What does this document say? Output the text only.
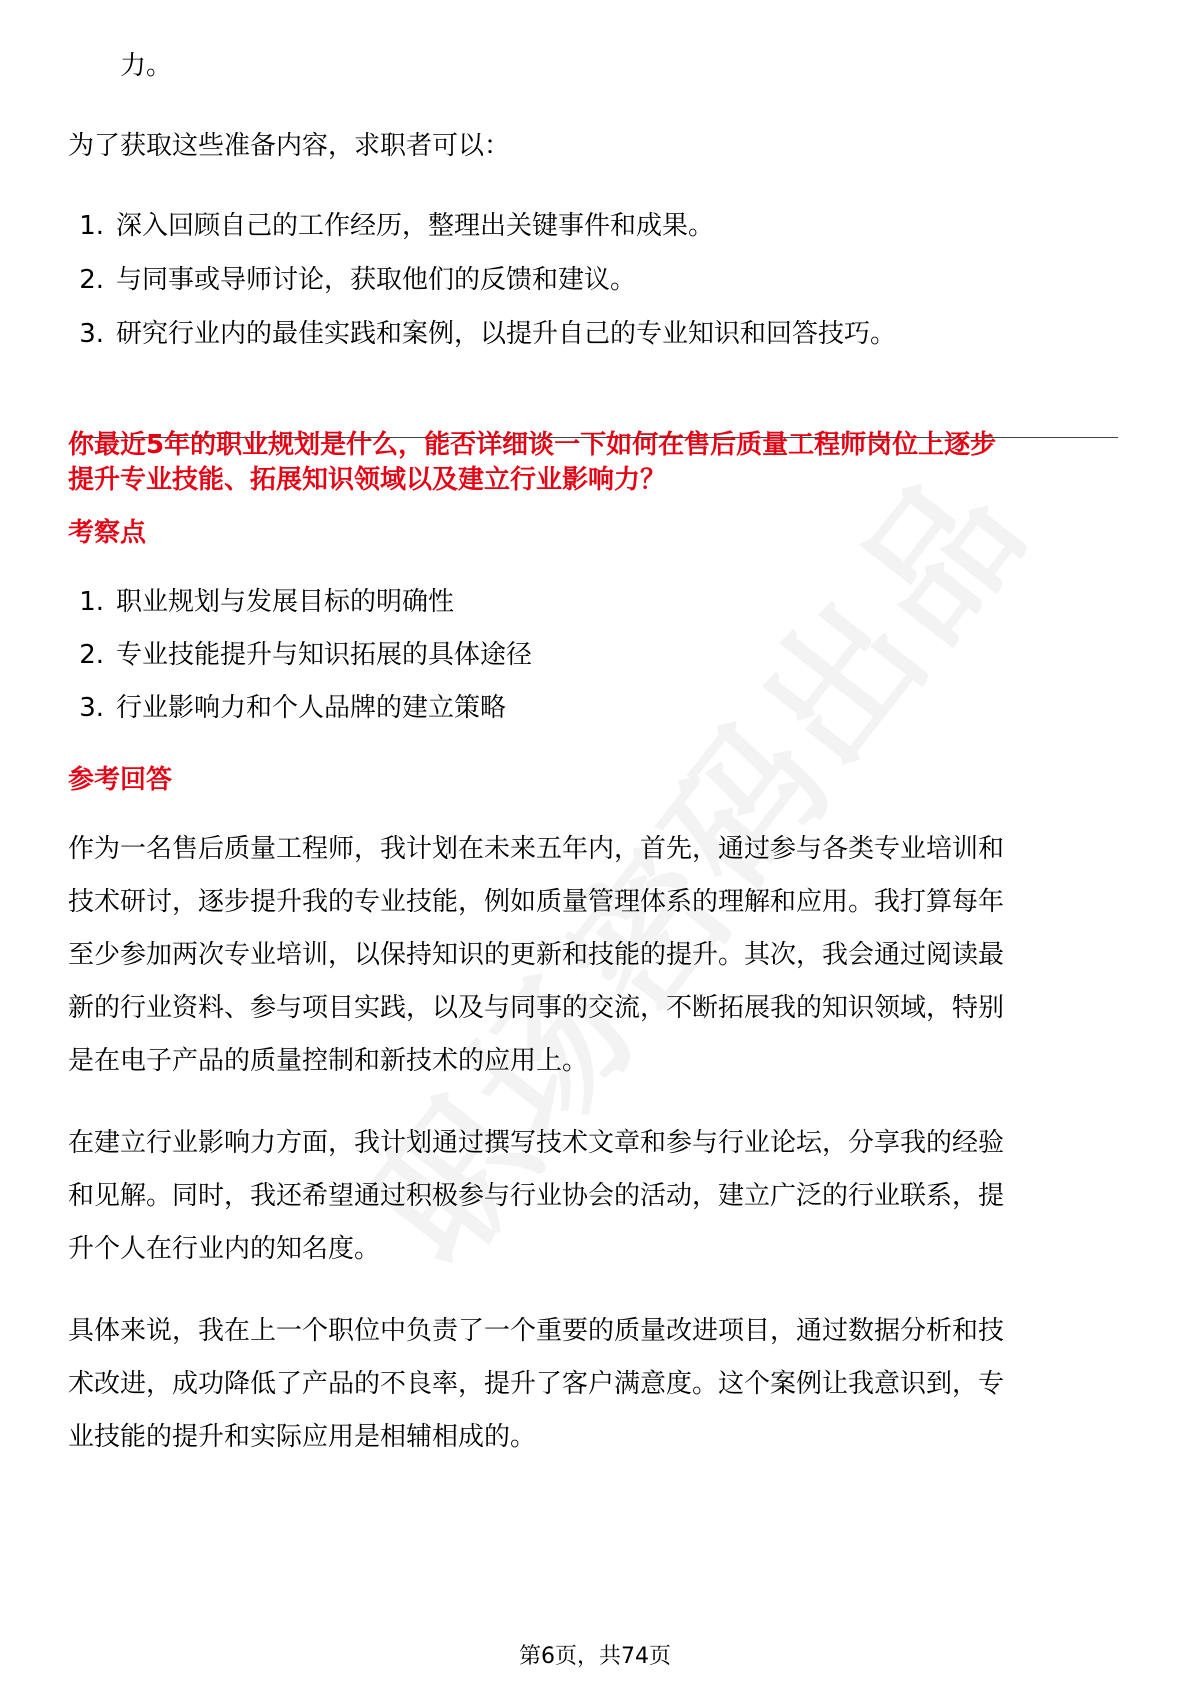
力。
为了获取这些准备内容，求职者可以：
1. 深入回顾自己的工作经历，整理出关键事件和成果。
2. 与同事或导师讨论，获取他们的反馈和建议。
3. 研究行业内的最佳实践和案例，以提升自己的专业知识和回答技巧。
你最近5年的职业规划是什么，能否详细谈一下如何在售后质量工程师岗位上逐步
提升专业技能、拓展知识领域以及建立行业影响力？
考察点
1. 职业规划与发展目标的明确性
2. 专业技能提升与知识拓展的具体途径
3. 行业影响力和个人品牌的建立策略
参考回答
作为一名售后质量工程师，我计划在未来五年内，首先，通过参与各类专业培训和
技术研讨，逐步提升我的专业技能，例如质量管理体系的理解和应用。我打算每年
至少参加两次专业培训，以保持知识的更新和技能的提升。其次，我会通过阅读最
新的行业资料、参与项目实践，以及与同事的交流，不断拓展我的知识领域，特别
是在电子产品的质量控制和新技术的应用上。
在建立行业影响力方面，我计划通过撰写技术文章和参与行业论坛，分享我的经验
和见解。同时，我还希望通过积极参与行业协会的活动，建立广泛的行业联系，提
升个人在行业内的知名度。
具体来说，我在上一个职位中负责了一个重要的质量改进项目，通过数据分析和技
术改进，成功降低了产品的不良率，提升了客户满意度。这个案例让我意识到，专
业技能的提升和实际应用是相辅相成的。
第6页，共74页
